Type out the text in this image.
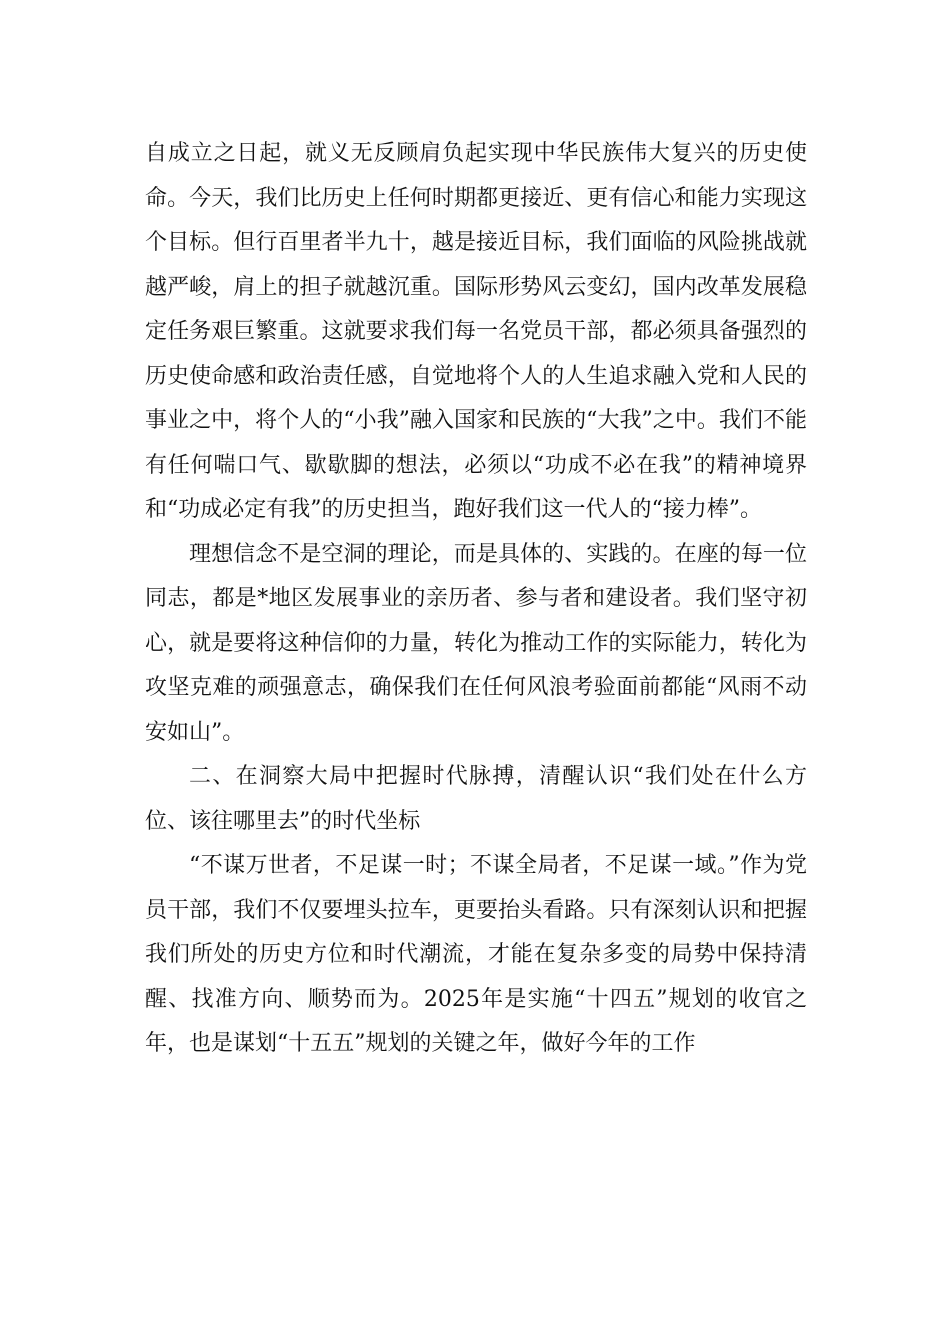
自成立之日起，就义无反顾肩负起实现中华民族伟大复兴的历史使命。今天，我们比历史上任何时期都更接近、更有信心和能力实现这个目标。但行百里者半九十，越是接近目标，我们面临的风险挑战就越严峻，肩上的担子就越沉重。国际形势风云变幻，国内改革发展稳定任务艰巨繁重。这就要求我们每一名党员干部，都必须具备强烈的历史使命感和政治责任感，自觉地将个人的人生追求融入党和人民的事业之中，将个人的“小我”融入国家和民族的“大我”之中。我们不能有任何喘口气、歇歇脚的想法，必须以“功成不必在我”的精神境界和“功成必定有我”的历史担当，跑好我们这一代人的“接力棒”。

理想信念不是空洞的理论，而是具体的、实践的。在座的每一位同志，都是*地区发展事业的亲历者、参与者和建设者。我们坚守初心，就是要将这种信仰的力量，转化为推动工作的实际能力，转化为攻坚克难的顽强意志，确保我们在任何风浪考验面前都能“风雨不动安如山”。

二、在洞察大局中把握时代脉搏，清醒认识“我们处在什么方位、该往哪里去”的时代坐标

“不谋万世者，不足谋一时；不谋全局者，不足谋一域。”作为党员干部，我们不仅要埋头拉车，更要抬头看路。只有深刻认识和把握我们所处的历史方位和时代潮流，才能在复杂多变的局势中保持清醒、找准方向、顺势而为。2025年是实施“十四五”规划的收官之年，也是谋划“十五五”规划的关键之年，做好今年的工作
